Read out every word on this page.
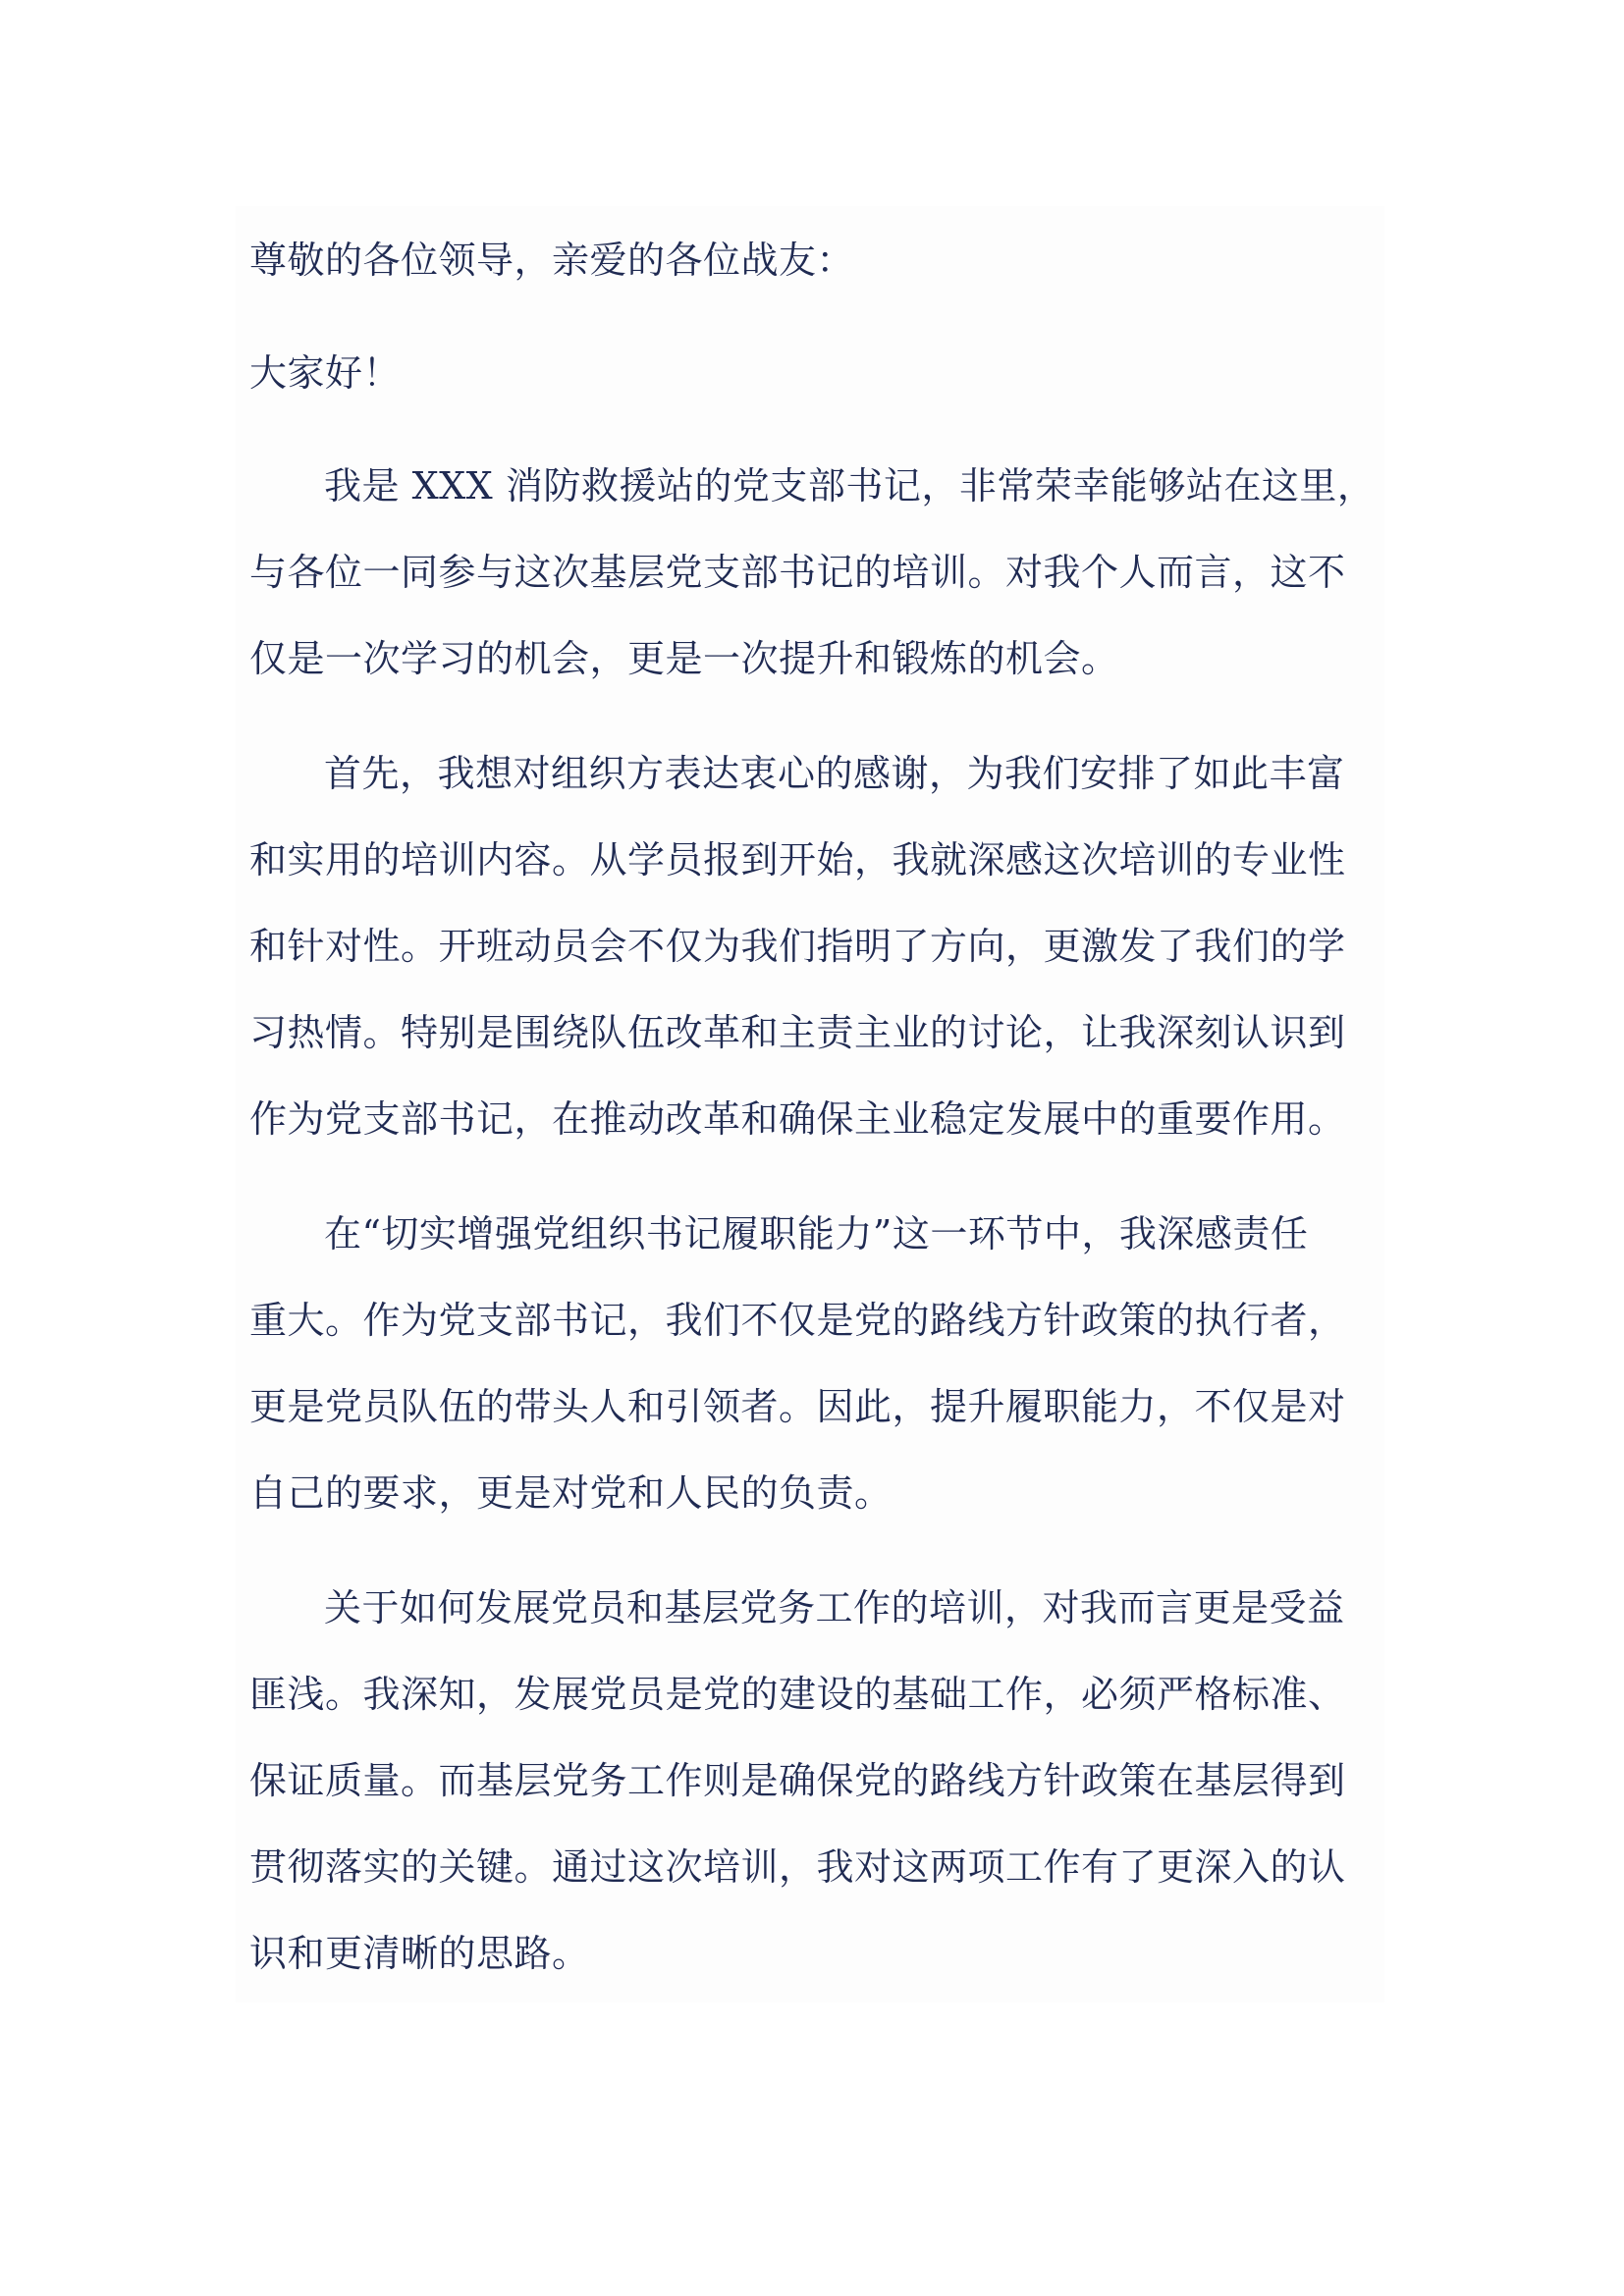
尊敬的各位领导，亲爱的各位战友：

大家好！

我是 XXX 消防救援站的党支部书记，非常荣幸能够站在这里，

与各位一同参与这次基层党支部书记的培训。对我个人而言，这不

仅是一次学习的机会，更是一次提升和锻炼的机会。

首先，我想对组织方表达衷心的感谢，为我们安排了如此丰富

和实用的培训内容。从学员报到开始，我就深感这次培训的专业性

和针对性。开班动员会不仅为我们指明了方向，更激发了我们的学

习热情。特别是围绕队伍改革和主责主业的讨论，让我深刻认识到

作为党支部书记，在推动改革和确保主业稳定发展中的重要作用。

在“切实增强党组织书记履职能力”这一环节中，我深感责任

重大。作为党支部书记，我们不仅是党的路线方针政策的执行者，

更是党员队伍的带头人和引领者。因此，提升履职能力，不仅是对

自己的要求，更是对党和人民的负责。

关于如何发展党员和基层党务工作的培训，对我而言更是受益

匪浅。我深知，发展党员是党的建设的基础工作，必须严格标准、

保证质量。而基层党务工作则是确保党的路线方针政策在基层得到

贯彻落实的关键。通过这次培训，我对这两项工作有了更深入的认

识和更清晰的思路。
